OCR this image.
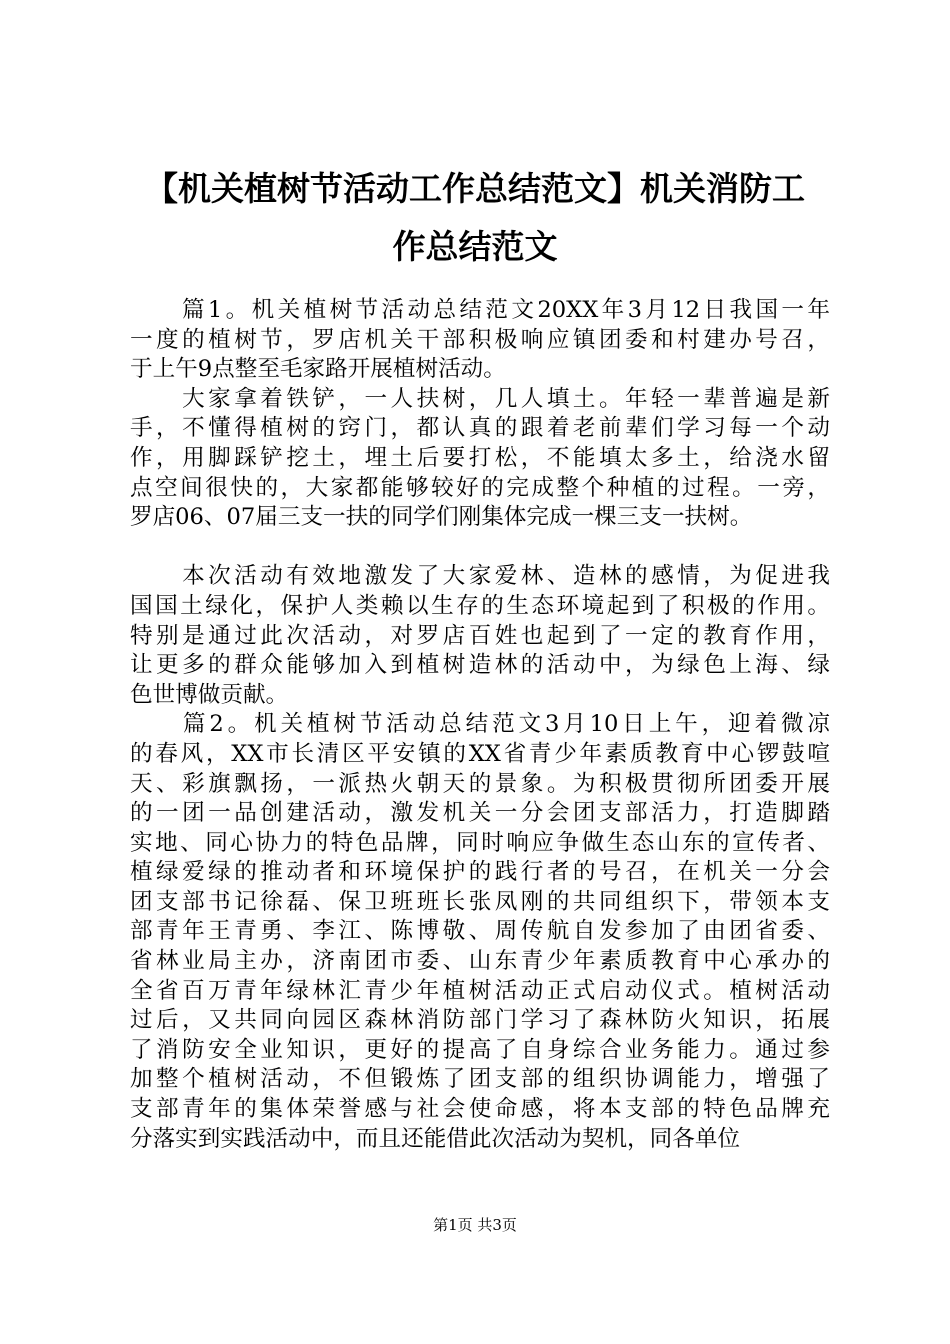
【机关植树节活动工作总结范文】机关消防工
作总结范文
　　篇1。机关植树节活动总结范文20XX年3月12日我国一年
一度的植树节，罗店机关干部积极响应镇团委和村建办号召，
于上午9点整至毛家路开展植树活动。
　　大家拿着铁铲，一人扶树，几人填土。年轻一辈普遍是新
手，不懂得植树的窍门，都认真的跟着老前辈们学习每一个动
作，用脚踩铲挖土，埋土后要打松，不能填太多土，给浇水留
点空间很快的，大家都能够较好的完成整个种植的过程。一旁，
罗店06、07届三支一扶的同学们刚集体完成一棵三支一扶树。
　　本次活动有效地激发了大家爱林、造林的感情，为促进我
国国土绿化，保护人类赖以生存的生态环境起到了积极的作用。
特别是通过此次活动，对罗店百姓也起到了一定的教育作用，
让更多的群众能够加入到植树造林的活动中，为绿色上海、绿
色世博做贡献。
　　篇2。机关植树节活动总结范文3月10日上午，迎着微凉
的春风，XX市长清区平安镇的XX省青少年素质教育中心锣鼓喧
天、彩旗飘扬，一派热火朝天的景象。为积极贯彻所团委开展
的一团一品创建活动，激发机关一分会团支部活力，打造脚踏
实地、同心协力的特色品牌，同时响应争做生态山东的宣传者、
植绿爱绿的推动者和环境保护的践行者的号召，在机关一分会
团支部书记徐磊、保卫班班长张凤刚的共同组织下，带领本支
部青年王青勇、李江、陈博敬、周传航自发参加了由团省委、
省林业局主办，济南团市委、山东青少年素质教育中心承办的
全省百万青年绿林汇青少年植树活动正式启动仪式。植树活动
过后，又共同向园区森林消防部门学习了森林防火知识，拓展
了消防安全业知识，更好的提高了自身综合业务能力。通过参
加整个植树活动，不但锻炼了团支部的组织协调能力，增强了
支部青年的集体荣誉感与社会使命感，将本支部的特色品牌充
分落实到实践活动中，而且还能借此次活动为契机，同各单位
第1页 共3页
